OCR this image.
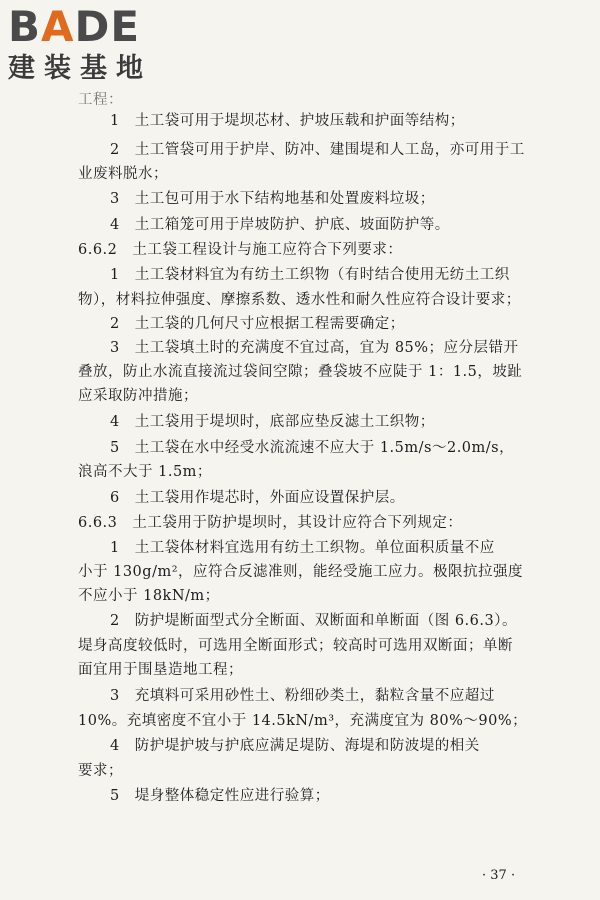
BADE
建装基地
工程：
1　土工袋可用于堤坝芯材、护坡压载和护面等结构；
2　土工管袋可用于护岸、防冲、建围堤和人工岛，亦可用于工
业废料脱水；
3　土工包可用于水下结构地基和处置废料垃圾；
4　土工箱笼可用于岸坡防护、护底、坡面防护等。
6.6.2　土工袋工程设计与施工应符合下列要求：
1　土工袋材料宜为有纺土工织物（有时结合使用无纺土工织
物），材料拉伸强度、摩擦系数、透水性和耐久性应符合设计要求；
2　土工袋的几何尺寸应根据工程需要确定；
3　土工袋填土时的充满度不宜过高，宜为 85%；应分层错开
叠放，防止水流直接流过袋间空隙；叠袋坡不应陡于 1：1.5，坡趾
应采取防冲措施；
4　土工袋用于堤坝时，底部应垫反滤土工织物；
5　土工袋在水中经受水流流速不应大于 1.5m/s～2.0m/s，
浪高不大于 1.5m；
6　土工袋用作堤芯时，外面应设置保护层。
6.6.3　土工袋用于防护堤坝时，其设计应符合下列规定：
1　土工袋体材料宜选用有纺土工织物。单位面积质量不应
小于 130g/m²，应符合反滤准则，能经受施工应力。极限抗拉强度
不应小于 18kN/m；
2　防护堤断面型式分全断面、双断面和单断面（图 6.6.3）。
堤身高度较低时，可选用全断面形式；较高时可选用双断面；单断
面宜用于围垦造地工程；
3　充填料可采用砂性土、粉细砂类土，黏粒含量不应超过
10%。充填密度不宜小于 14.5kN/m³，充满度宜为 80%～90%；
4　防护堤护坡与护底应满足堤防、海堤和防波堤的相关
要求；
5　堤身整体稳定性应进行验算；
· 37 ·
